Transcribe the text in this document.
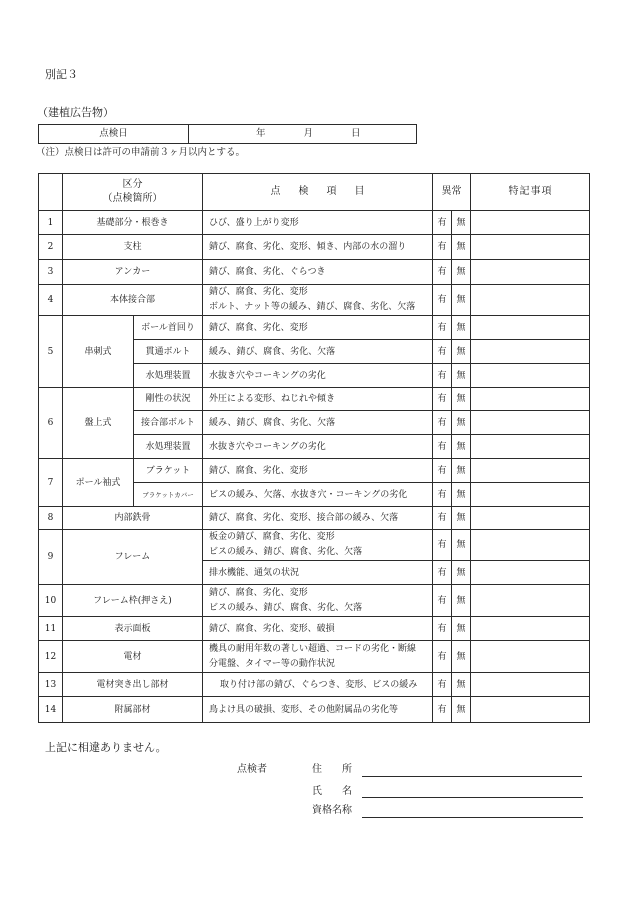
別記３
（建植広告物）
点検日	年　　　　月　　　　日
（注）点検日は許可の申請前３ヶ月以内とする。

	区分
（点検箇所）		点　検　項　目	異常		特記事項
1	基礎部分・根巻き		ひび、盛り上がり変形	有	無	
2	支柱		錆び、腐食、劣化、変形、傾き、内部の水の溜り	有	無	
3	アンカー		錆び、腐食、劣化、ぐらつき	有	無	
4	本体接合部		錆び、腐食、劣化、変形
ボルト、ナット等の緩み、錆び、腐食、劣化、欠落	有	無	
5	串刺式	ボール首回り	錆び、腐食、劣化、変形	有	無	
		貫通ボルト	緩み、錆び、腐食、劣化、欠落	有	無	
		水処理装置	水抜き穴やコーキングの劣化	有	無	
6	盤上式	剛性の状況	外圧による変形、ねじれや傾き	有	無	
		接合部ボルト	緩み、錆び、腐食、劣化、欠落	有	無	
		水処理装置	水抜き穴やコーキングの劣化	有	無	
7	ポール袖式	ブラケット	錆び、腐食、劣化、変形	有	無	
		ブラケットカバー	ビスの緩み、欠落、水抜き穴・コーキングの劣化	有	無	
8	内部鉄骨		錆び、腐食、劣化、変形、接合部の緩み、欠落	有	無	
9	フレーム		板金の錆び、腐食、劣化、変形
ビスの緩み、錆び、腐食、劣化、欠落	有	無	

			排水機能、通気の状況	有	無	
10	フレーム枠(押さえ)		錆び、腐食、劣化、変形
ビスの緩み、錆び、腐食、劣化、欠落	有	無	
11	表示面板		錆び、腐食、劣化、変形、破損	有	無	
12	電材		機具の耐用年数の著しい超過、コードの劣化・断線
分電盤、タイマー等の動作状況	有	無	
13	電材突き出し部材		取り付け部の錆び、ぐらつき、変形、ビスの緩み	有	無	
14	附属部材		鳥よけ具の破損、変形、その他附属品の劣化等	有	無	
上記に相違ありません。
点検者	住　　所
氏　　名
資格名称
